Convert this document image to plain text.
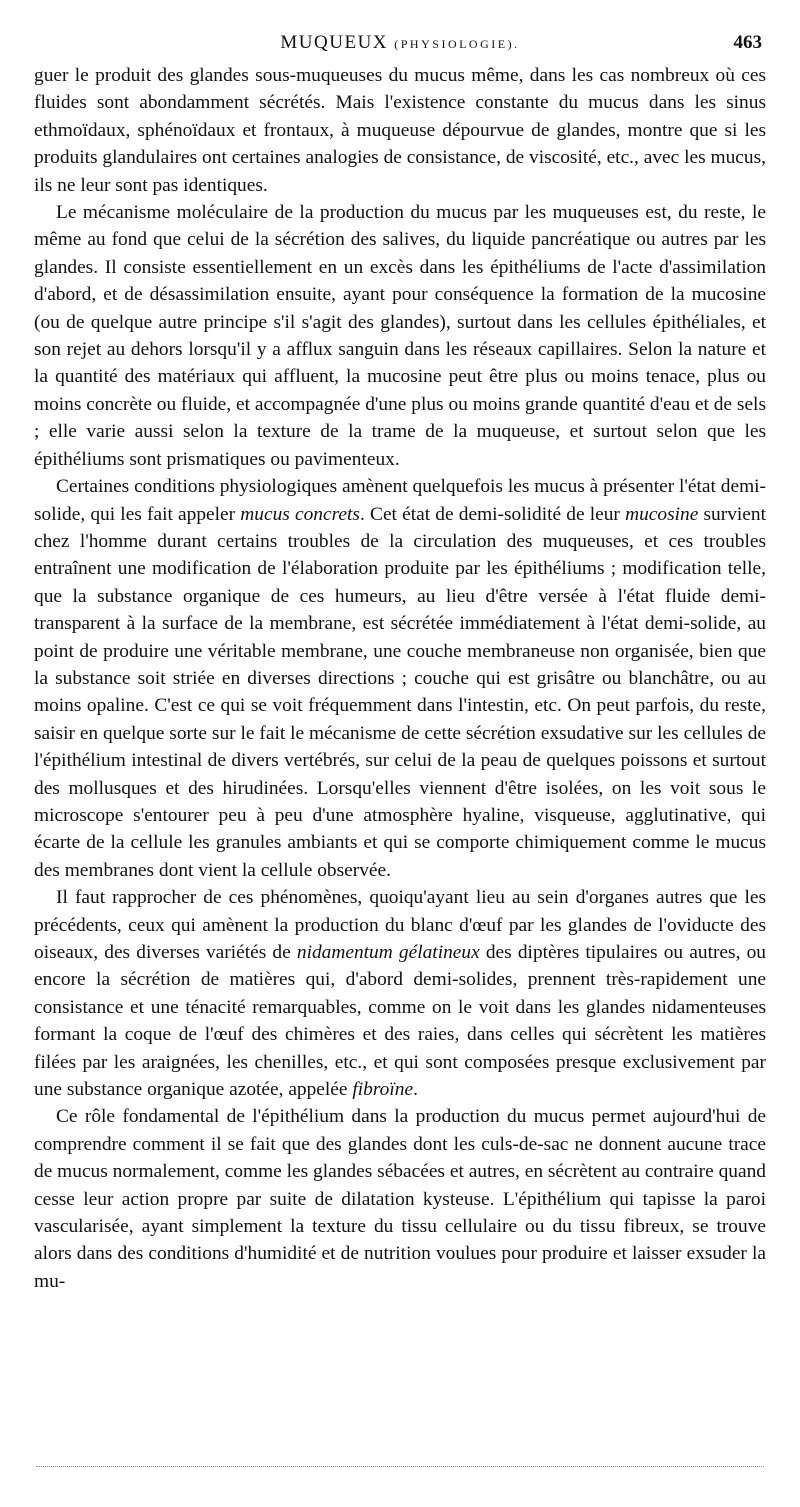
MUQUEUX (PHYSIOLOGIE).	463

guer le produit des glandes sous-muqueuses du mucus même, dans les cas nombreux où ces fluides sont abondamment sécrétés. Mais l'existence constante du mucus dans les sinus ethmoïdaux, sphénoïdaux et frontaux, à muqueuse dépourvue de glandes, montre que si les produits glandulaires ont certaines analogies de consistance, de viscosité, etc., avec les mucus, ils ne leur sont pas identiques.

Le mécanisme moléculaire de la production du mucus par les muqueuses est, du reste, le même au fond que celui de la sécrétion des salives, du liquide pancréatique ou autres par les glandes. Il consiste essentiellement en un excès dans les épithéliums de l'acte d'assimilation d'abord, et de désassimilation ensuite, ayant pour conséquence la formation de la mucosine (ou de quelque autre principe s'il s'agit des glandes), surtout dans les cellules épithéliales, et son rejet au dehors lorsqu'il y a afflux sanguin dans les réseaux capillaires. Selon la nature et la quantité des matériaux qui affluent, la mucosine peut être plus ou moins tenace, plus ou moins concrète ou fluide, et accompagnée d'une plus ou moins grande quantité d'eau et de sels ; elle varie aussi selon la texture de la trame de la muqueuse, et surtout selon que les épithéliums sont prismatiques ou pavimenteux.

Certaines conditions physiologiques amènent quelquefois les mucus à présenter l'état demi-solide, qui les fait appeler mucus concrets. Cet état de demi-solidité de leur mucosine survient chez l'homme durant certains troubles de la circulation des muqueuses, et ces troubles entraînent une modification de l'élaboration produite par les épithéliums ; modification telle, que la substance organique de ces humeurs, au lieu d'être versée à l'état fluide demi-transparent à la surface de la membrane, est sécrétée immédiatement à l'état demi-solide, au point de produire une véritable membrane, une couche membraneuse non organisée, bien que la substance soit striée en diverses directions ; couche qui est grisâtre ou blanchâtre, ou au moins opaline. C'est ce qui se voit fréquemment dans l'intestin, etc. On peut parfois, du reste, saisir en quelque sorte sur le fait le mécanisme de cette sécrétion exsudative sur les cellules de l'épithélium intestinal de divers vertébrés, sur celui de la peau de quelques poissons et surtout des mollusques et des hirudinées. Lorsqu'elles viennent d'être isolées, on les voit sous le microscope s'entourer peu à peu d'une atmosphère hyaline, visqueuse, agglutinative, qui écarte de la cellule les granules ambiants et qui se comporte chimiquement comme le mucus des membranes dont vient la cellule observée.

Il faut rapprocher de ces phénomènes, quoiqu'ayant lieu au sein d'organes autres que les précédents, ceux qui amènent la production du blanc d'œuf par les glandes de l'oviducte des oiseaux, des diverses variétés de nidamentum gélatineux des diptères tipulaires ou autres, ou encore la sécrétion de matières qui, d'abord demi-solides, prennent très-rapidement une consistance et une ténacité remarquables, comme on le voit dans les glandes nidamenteuses formant la coque de l'œuf des chimères et des raies, dans celles qui sécrètent les matières filées par les araignées, les chenilles, etc., et qui sont composées presque exclusivement par une substance organique azotée, appelée fibroïne.

Ce rôle fondamental de l'épithélium dans la production du mucus permet aujourd'hui de comprendre comment il se fait que des glandes dont les culs-de-sac ne donnent aucune trace de mucus normalement, comme les glandes sébacées et autres, en sécrètent au contraire quand cesse leur action propre par suite de dilatation kysteuse. L'épithélium qui tapisse la paroi vascularisée, ayant simplement la texture du tissu cellulaire ou du tissu fibreux, se trouve alors dans des conditions d'humidité et de nutrition voulues pour produire et laisser exsuder la mu-
